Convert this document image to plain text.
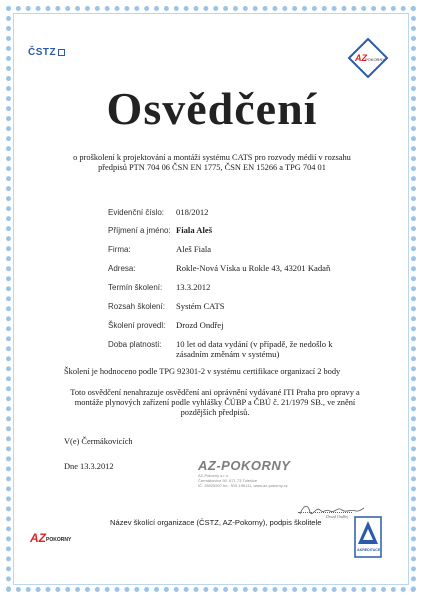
ČSTZ	AZ
POKORNY
Osvědčení
o proškolení k projektování a montáži systému CATS pro rozvody médií v rozsahu předpisů PTN 704 06 ČSN EN 1775, ČSN EN 15266 a TPG 704 01
Evidenční číslo: 018/2012
Příjmení a jméno: Fiala Aleš
Firma:	Aleš Fiala
Adresa:	Rokle-Nová Víska u Rokle 43, 43201 Kadaň
Termín školení: 13.3.2012
Rozsah školení: Systém CATS
Školení provedl: Drozd Ondřej
Doba platnosti: 10 let od data vydání (v případě, že nedošlo k zásadním změnám v systému)
Školení je hodnoceno podle TPG 92301-2 v systému certifikace organizací 2 body
Toto osvědčení nenahrazuje osvědčení ani oprávnění vydávané ITI Praha pro opravy a montáže plynových zařízení podle vyhlášky ČÚBP a ČBÚ č. 21/1979 SB., ve znění pozdějších předpisů.
V(e) Čermákovicích
Dne 13.3.2012	AZ-POKORNY
AZ-Pokorny s.r.o.
Čermákovice 50, 671 73 Tulešice
IČ: 26925907 tel.: 515 196111, www.az-pokorny.cz
Drozd Ondřej
Název školící organizace (ČSTZ, AZ-Pokorny), podpis školitele
AZ POKORNY
AKREDITACE
